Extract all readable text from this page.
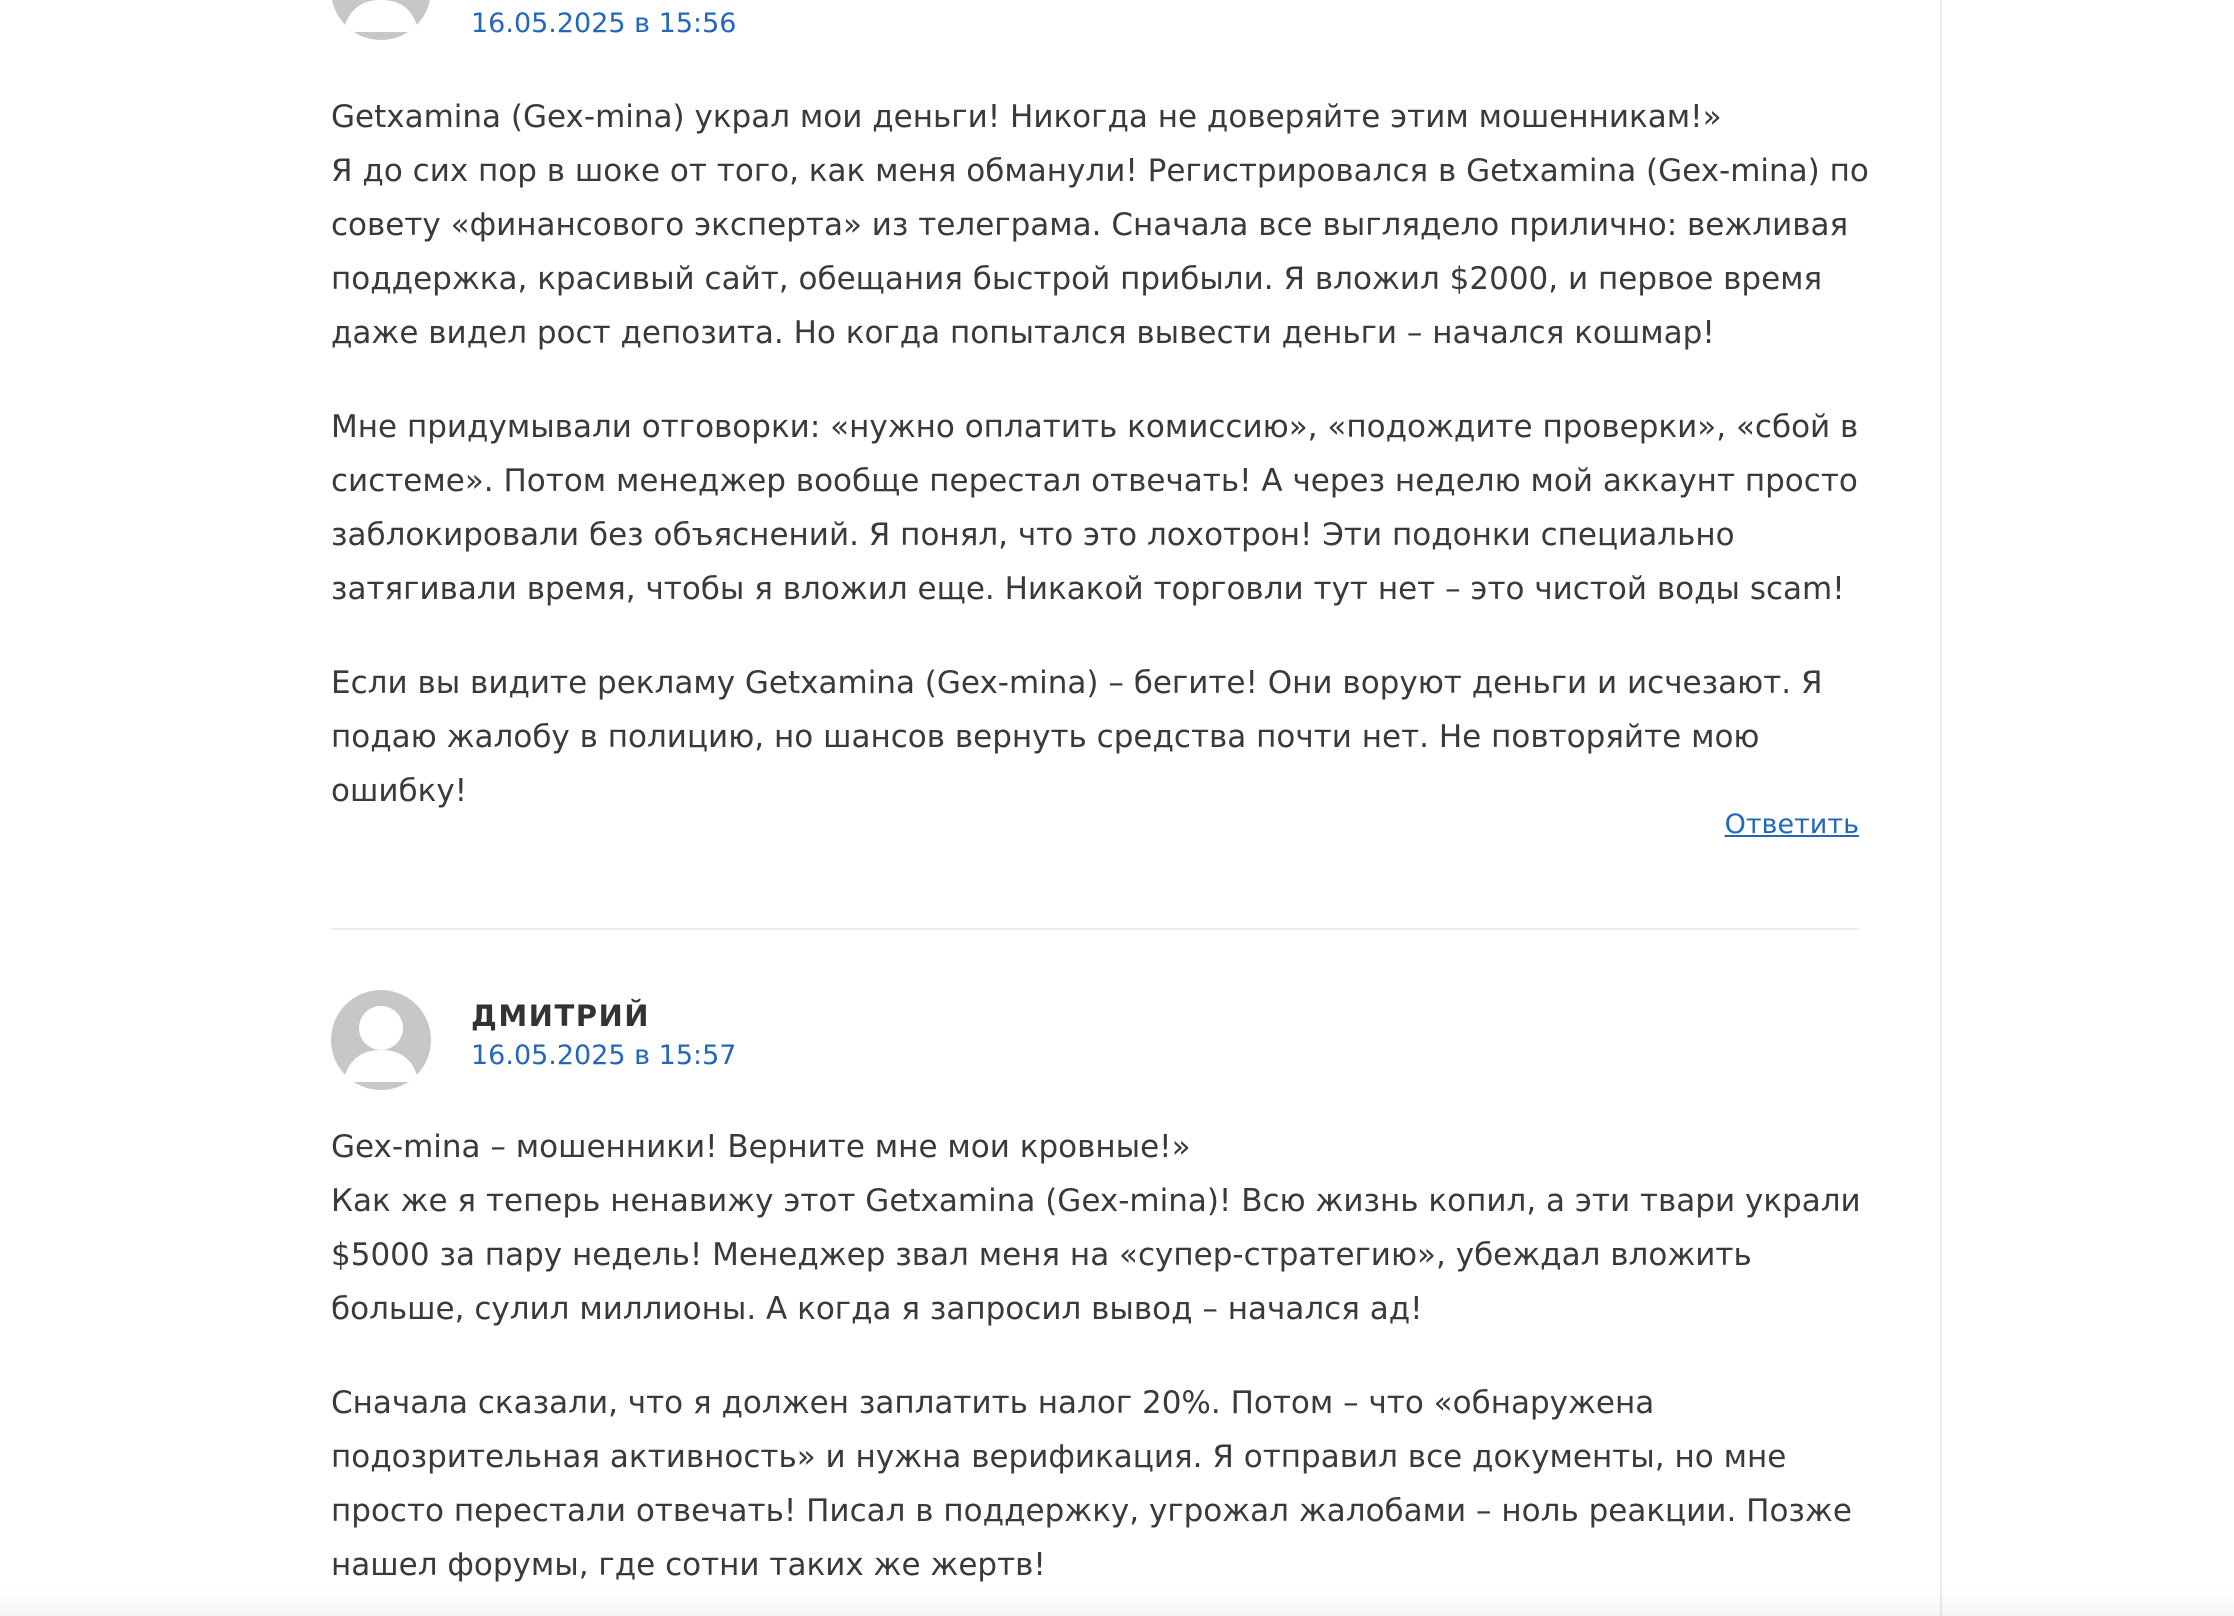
16.05.2025 в 15:56

Getxamina (Gex-mina) украл мои деньги! Никогда не доверяйте этим мошенникам!»
Я до сих пор в шоке от того, как меня обманули! Регистрировался в Getxamina (Gex-mina) по совету «финансового эксперта» из телеграма. Сначала все выглядело прилично: вежливая поддержка, красивый сайт, обещания быстрой прибыли. Я вложил $2000, и первое время даже видел рост депозита. Но когда попытался вывести деньги – начался кошмар!

Мне придумывали отговорки: «нужно оплатить комиссию», «подождите проверки», «сбой в системе». Потом менеджер вообще перестал отвечать! А через неделю мой аккаунт просто заблокировали без объяснений. Я понял, что это лохотрон! Эти подонки специально затягивали время, чтобы я вложил еще. Никакой торговли тут нет – это чистой воды scam!

Если вы видите рекламу Getxamina (Gex-mina) – бегите! Они воруют деньги и исчезают. Я подаю жалобу в полицию, но шансов вернуть средства почти нет. Не повторяйте мою ошибку!

Ответить
ДМИТРИЙ
16.05.2025 в 15:57

Gex-mina – мошенники! Верните мне мои кровные!»
Как же я теперь ненавижу этот Getxamina (Gex-mina)! Всю жизнь копил, а эти твари украли $5000 за пару недель! Менеджер звал меня на «супер-стратегию», убеждал вложить больше, сулил миллионы. А когда я запросил вывод – начался ад!

Сначала сказали, что я должен заплатить налог 20%. Потом – что «обнаружена подозрительная активность» и нужна верификация. Я отправил все документы, но мне просто перестали отвечать! Писал в поддержку, угрожал жалобами – ноль реакции. Позже нашел форумы, где сотни таких же жертв!
